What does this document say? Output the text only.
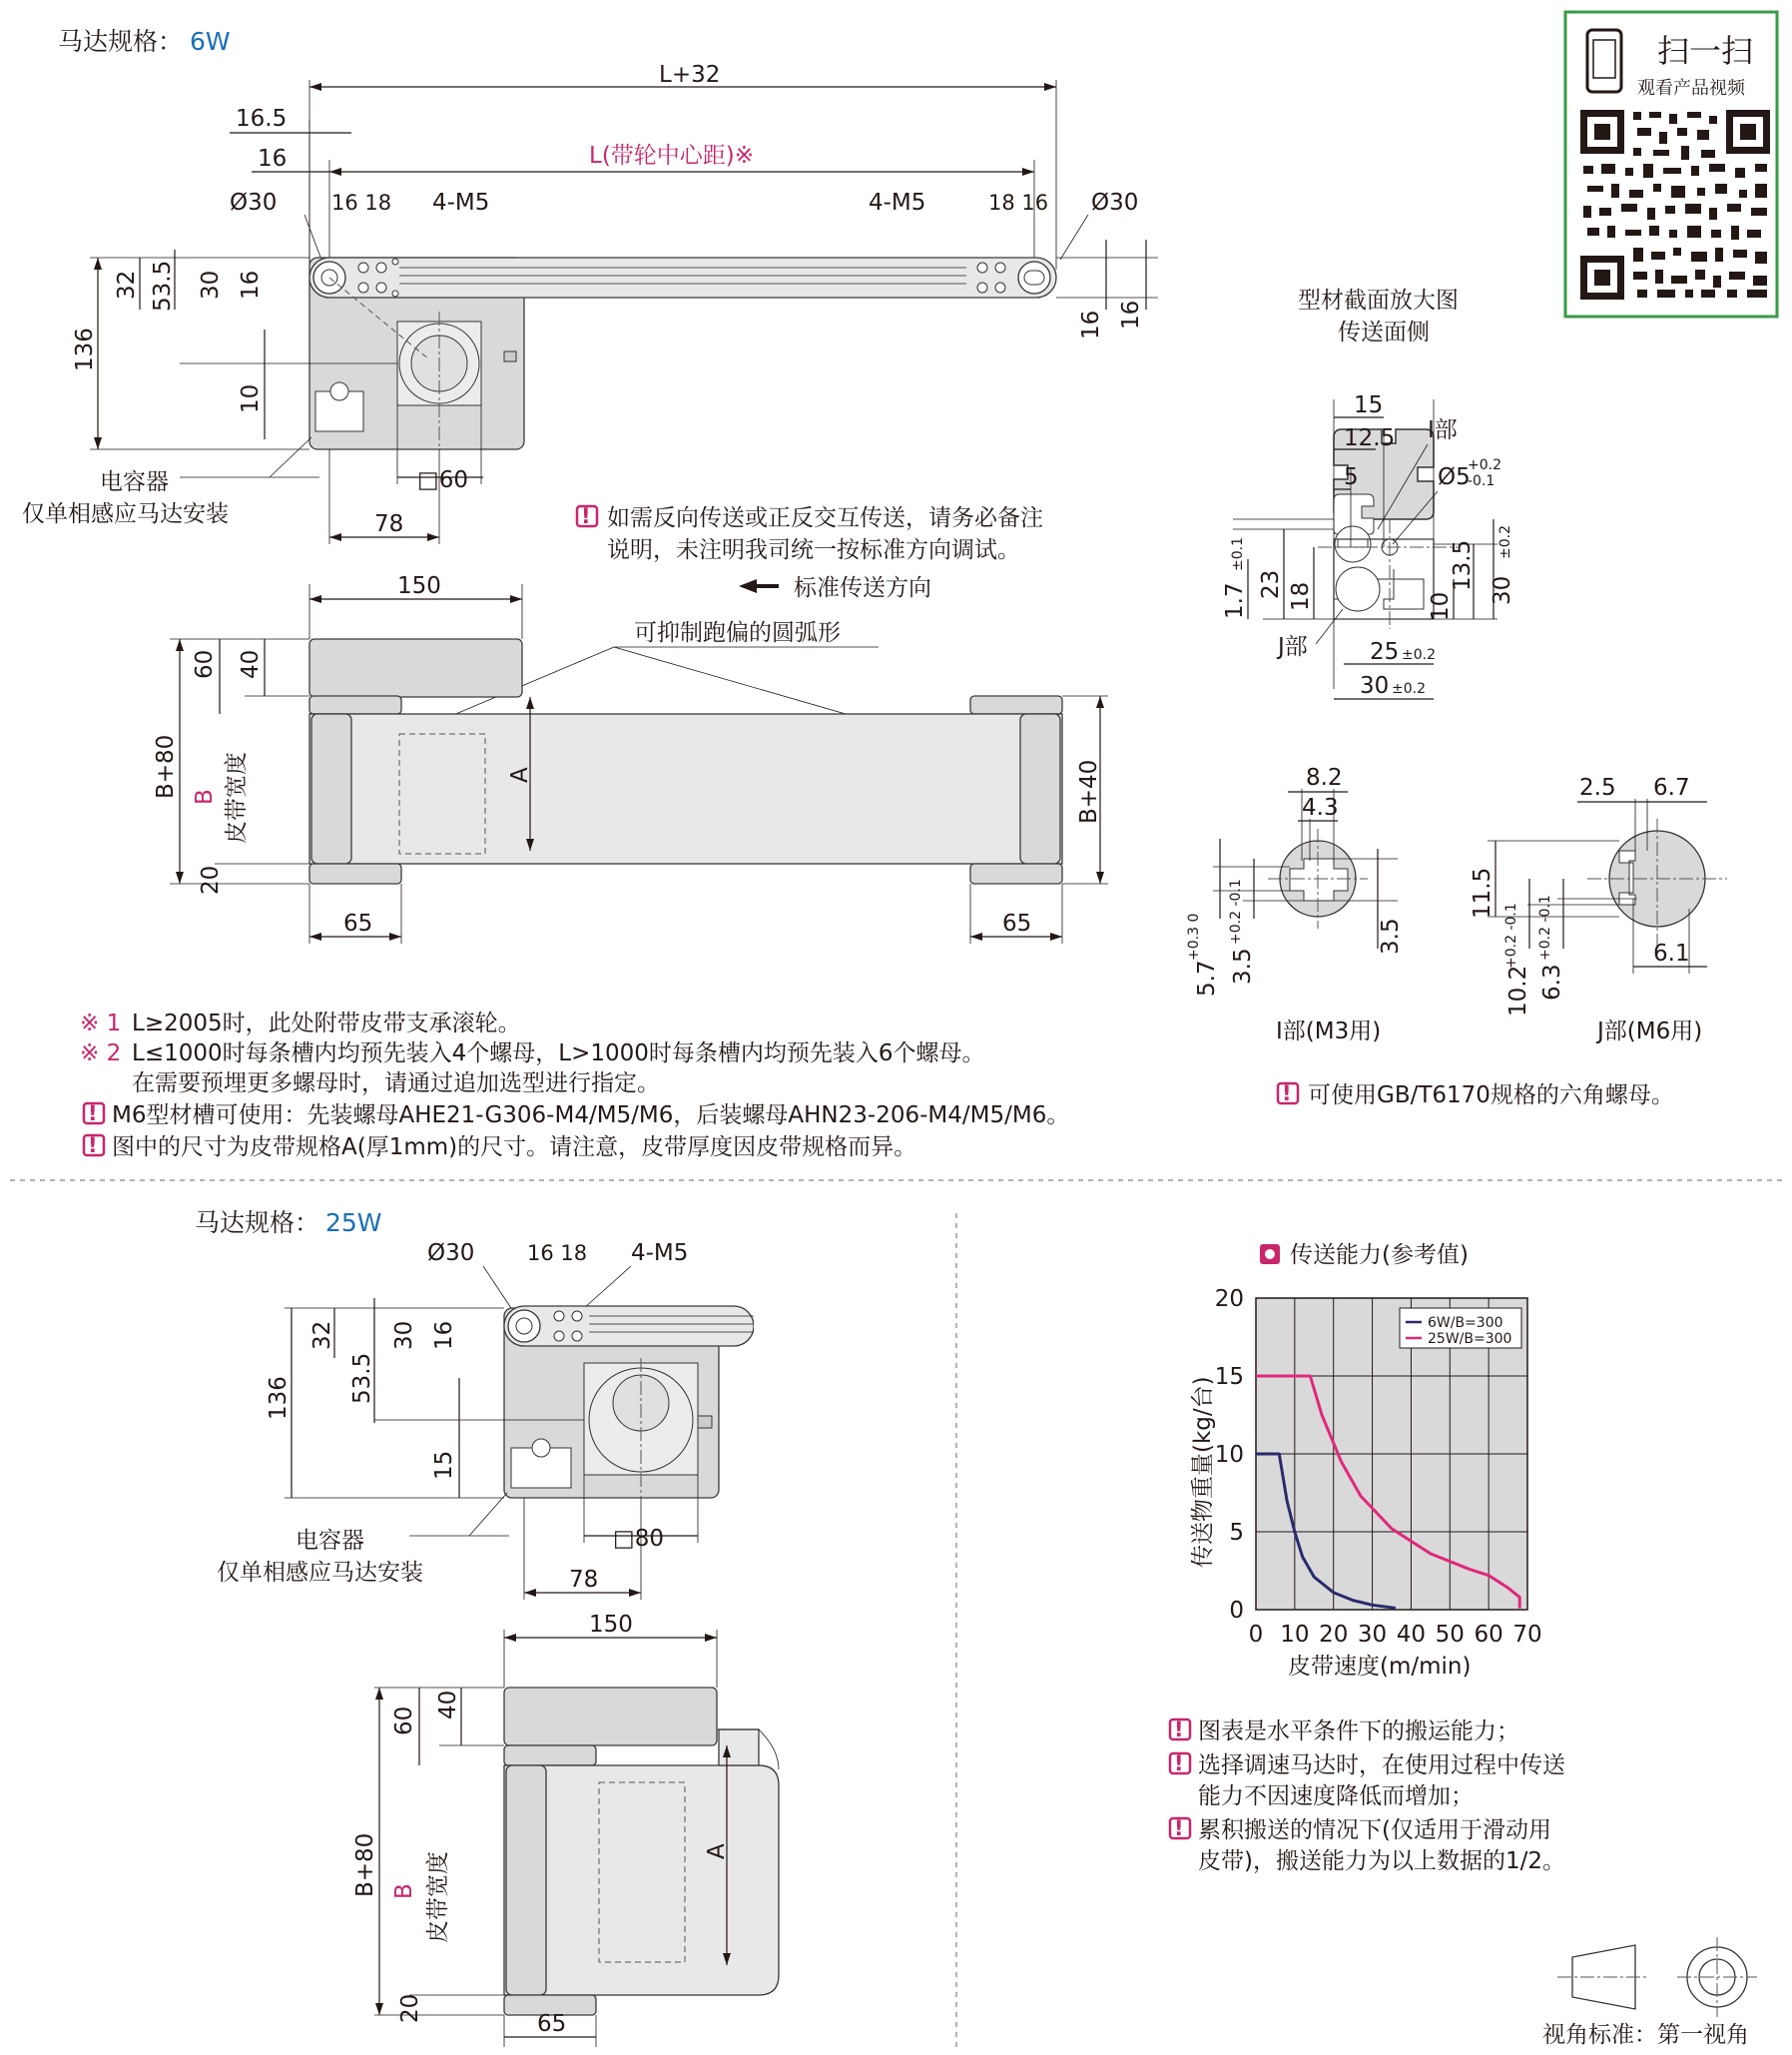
马达规格： 6W
L+32
16.5
16	L(带轮中心距)※
Ø30	16 18 4-M5	4-M5	18 16 Ø30
136
32 53.5 30 16
10
16 16
电容器
仅单相感应马达安装
□60
78	! 如需反向传送或正反交互传送，请务必备注
说明，未注明我司统一按标准方向调试。
标准传送方向
可抑制跑偏的圆弧形
150
A
B+80
60 40
B 皮带宽度
20
B+40
65	65
※ 1 L≥2005时，此处附带皮带支承滚轮。
※ 2 L≤1000时每条槽内均预先装入4个螺母，L>1000时每条槽内均预先装入6个螺母。
在需要预埋更多螺母时，请通过追加选型进行指定。
! M6型材槽可使用：先装螺母AHE21-G306-M4/M5/M6，后装螺母AHN23-206-M4/M5/M6。
! 图中的尺寸为皮带规格A(厚1mm)的尺寸。请注意，皮带厚度因皮带规格而异。
扫一扫
观看产品视频
型材截面放大图
传送面侧
15
12.5
5
I部
Ø5
+0.2
-0.1
1.7
±0.1
23 18	10
13.5 30
±0.2
J部	25 ±0.2
30 ±0.2
8.2
4.3
5.7
+0.3 0
3.5
+0.2 -0.1	3.5
I部(M3用)
2.5 6.7
11.5
10.2
+0.2 -0.1
6.3
+0.2 -0.1	6.1
J部(M6用)
! 可使用GB/T6170规格的六角螺母。
马达规格： 25W
Ø30	16 18 4-M5
136
32
53.5
30 16
15
电容器
仅单相感应马达安装
□80
78
150
A
B+80
60
40
B 皮带宽度
20
65
传送能力(参考值)
0 10 20 30 40 50 60 70
0
5
10
15
20
6W/B=300
25W/B=300
皮带速度(m/min)
传送物重量(kg/台)
! 图表是水平条件下的搬运能力；
! 选择调速马达时，在使用过程中传送
能力不因速度降低而增加；
! 累积搬送的情况下(仅适用于滑动用
皮带)，搬送能力为以上数据的1/2。
视角标准：第一视角
